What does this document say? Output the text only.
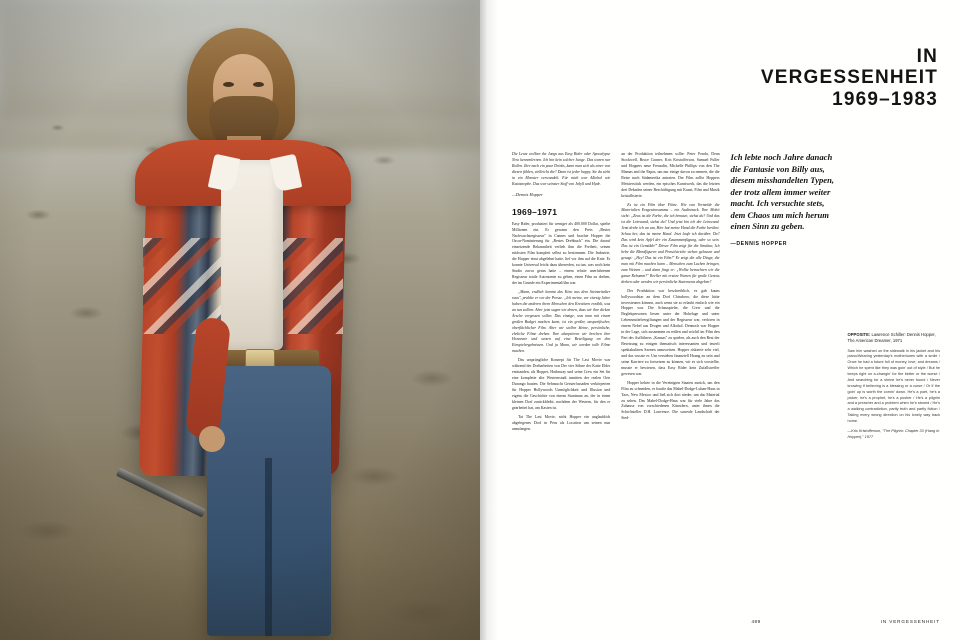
IN
VERGESSENHEIT
1969–1983

Die Leute wollten the Jungs aus Easy Rider oder Apocalypse Now kennenlernen. Ich bin kein solcher Junge. Das waren nur Rollen. Ihre nach ein paar Drinks, kann man sich als einer von diesen fühlen, vielleicht die? Dann ist jeder happy. Sie da sieht in ein Monster verwandelt. Für mich war Alkohol wie Katastrophe. Das war seinster Stoff von Jekyll und Hyde.

—Dennis Hopper
1969–1971

Easy Rider, produziert für weniger als 400.000 Dollar, spielte Millionen ein. Er gewann den Preis „Bester Nachwuchsregisseur" in Cannes und brachte Hopper die Oscar-Nominierung für „Bestes Drehbuch" ein. Die darauf einsetzende Bekanntheit verlieh ihm die Freiheit, seinen nächsten Film komplett selbst zu bestimmen. Die Industrie, die Hopper einst abgelehnt hatte, lief vor ihm auf die Knie. Er konnte Universal leicht dazu überreden, zu tun, was noch kein Studio zuvor getan hatte – einem relativ unerfahrenen Regisseur totale Autonomie zu geben, einen Film zu drehen, der im Grunde ein Experimentalfilm war.

„Mann, endlich kommt das Kino aus dem Steinzeitalter raus", prahlte er vor der Presse. „Ich meine, vor vierzig Jahre haben die anderen ihren Menschen den Kreativen erzählt, was an tun sollten. Aber jetzt sagen wir denen, dass wir ihre dicken Ärsche vergessen sollen. Das einzige, was man mit einem großen Budget machen kann, ist ein großer, unspezifischer, oberflächlicher Film. Aber wir stellen kleine, persönliche, ehrliche Filme drehen. Ihre akzeptieren wir brechen ihre Honorare und setzen auf eine Beteiligung an den Einspielergebnissen. Und ja Mann, wir werden tolle Filme machen.

Das ursprüngliche Konzept für The Last Movie war während der Dreharbeiten von Der vier Söhne der Katie Elder entstanden, als Hopper, Hathaway und seine Crew ein Set für eine komplette alte Westernstadt inmitten der realen Orte Durango bauten. Die Sehnsucht Geisterfassaden verkörperten für Hopper Hollywoods Unmöglichkeit und Illusion und eigens die Geschichte von einem Stuntman an, der in einen kleinen Dorf zurückbleibt, nachdem der Western, für den er gearbeitet hat, am Kasten ist.

Tat The Last Movie, nicht Hopper ein unglaublich abgelegenes Dorf in Peru als Location um seinen nun anzufangen.

an der Produktion teilnehmen sollte: Peter Fonda, Dean Stockwell, Bruce Conner, Kris Kristofferson, Samuel Fuller und Hoppers neue Freundin, Michelle Phillips von den The Mamas and the Papas, um nur einige davon zu nennen, die die Reise nach Südamerika antraten. Der Film zollte Hoppers Meisterstück werden, ein episches Kunstwerk, das die letzten drei Dekaden seiner Beschäftigung mit Kunst, Film und Musik kristallisierte.

Es ist ein Film über Filme. Wie van Vermelde die Materialien Erzgesinnsamma – ein Audiotrack. Ihre Mohit sieht: „Zeus ist die Farbe, die ich benutze, siehst du? Und das ist die Leinwand, siehst du? Und jetzt bin ich der Leinwand. Jetzt drehe ich an um, Hier hat meine Hand die Farbe berührt. Schau her, das ist meine Hand. Jetzt laufe ich darüber. Da? Das wird kein Apfel der ein Zusammenfügung, oder so sein. Das ist ein Gemälde!" Dieser Film zeigt für die Struktur, Ich hebe die Blendfiguren und Penselstriche stehen gelassen und gesagt: „Hey! Das ist ein Film!" Er zeigt die alle Dinge, die man mit Film machen kann – Menschen zum Lachen bringen, zum Weinen – und dann fragt er: „Wollte betrachten wir die ganze Rebumm?" Reeller mit ersitze Warten für große Genoss dreken oder werden wir persönliche Statements abgeben?

Der Produktion war beschreiblich, es gab kaum hollywoodstar an dem Dorf Chinchero, die diese hätte inversteuern können, auch wenn sie so erlaubt einfach wie ein Hopper war. Die Schauspieler, die Crew und die Begleitpersonen liesen unter der Hohelage und unter Lebensmittelvergiftungen und der Regisseur war, verloren in einem Nebel aus Drogen und Alkohol. Dennoch war Hopper in der Lage, sich zusammen zu reißen und wöchtl im Film den Part des Aufführers „Kansas" zu spielen, als auch den Rest der Besetzung zu einigen thematisch interessanten und teuerli spektakulären Szenen anzuweisen. Hopper riskierte sehr viel, und das wusste er. Um verstehen finanziell Hoang zu sein und seine Karriere zu fortsetzen zu können, wir es sich vorstellte, musste er bewiesen, dass Easy Rider kein Zufallstreffer gewesen war.

Hopper kehrte in die Vereinigten Staaten zurück, um den Film zu schneiden, er baufte das Mabel-Dodge-Luhan-Haus in Taos, New Mexico und ließ sich dort nieder, um das Material zu sehen. Das Mabel-Dodge-Haus war für viele Jahre das Zuhause von vorschiedenen Künstlern, unter ihnen die Schriftsteller D.H. Lawrence. Die surreale Landschaft der Sied-

Ich lebte noch Jahre danach die Fantasie von Billy aus, diesem misshandelten Typen, der trotz allem immer weiter macht. Ich versuchte stets, dem Chaos um mich herum einen Sinn zu geben.
—DENNIS HOPPER
OPPOSITE: Lawrence Schiller: Dennis Hopper, The American Dreamer, 1971

Saw him washed on the sidewalk in his jacket and his piano/Wearing yesterday's motherlunes with a smile / Once he had a future full of money, love, and dreams / Which he spent like they was goin' out of style / But he keeps right on a-changin' for the better or the worse / And searching for a shrine he's never found / Never knowing if believing is a blessing or a curse / Or if the goin' up is worth the comin' down. He's a poet, he's a picker, he's a prophet, he's a pusher / He's a pilgrim and a preacher and a problem when he's stoned / He's a walking contradiction, partly truth and partly fiction / Taking every wrong direction on his lonely way back home.

—Kris Kristofferson, "The Pilgrim: Chapter 33 (Hang In Hopper)," 1977

489	IN VERGESSENHEIT
